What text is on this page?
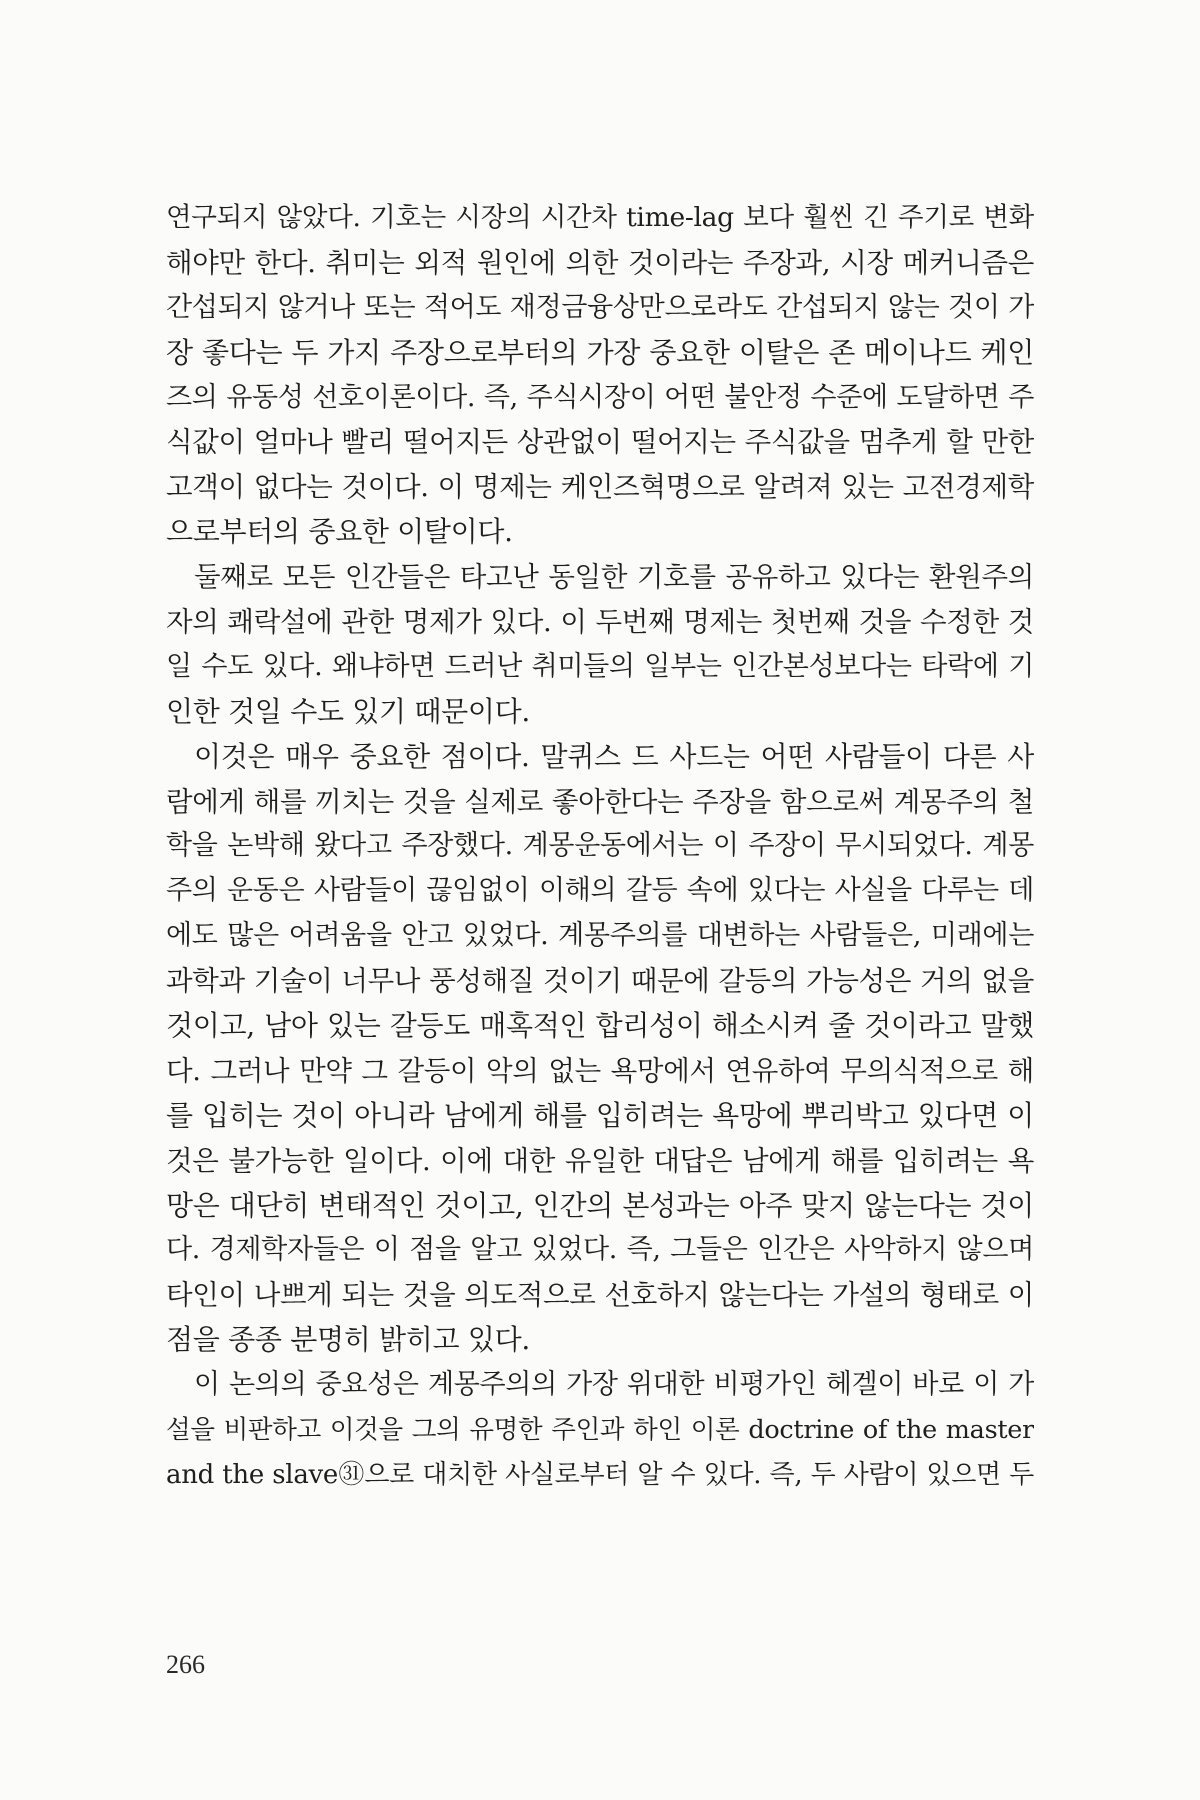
연구되지 않았다. 기호는 시장의 시간차 time-lag 보다 훨씬 긴 주기로 변화
해야만 한다. 취미는 외적 원인에 의한 것이라는 주장과, 시장 메커니즘은
간섭되지 않거나 또는 적어도 재정금융상만으로라도 간섭되지 않는 것이 가
장 좋다는 두 가지 주장으로부터의 가장 중요한 이탈은 존 메이나드 케인
즈의 유동성 선호이론이다. 즉, 주식시장이 어떤 불안정 수준에 도달하면 주
식값이 얼마나 빨리 떨어지든 상관없이 떨어지는 주식값을 멈추게 할 만한
고객이 없다는 것이다. 이 명제는 케인즈혁명으로 알려져 있는 고전경제학
으로부터의 중요한 이탈이다.
둘째로 모든 인간들은 타고난 동일한 기호를 공유하고 있다는 환원주의
자의 쾌락설에 관한 명제가 있다. 이 두번째 명제는 첫번째 것을 수정한 것
일 수도 있다. 왜냐하면 드러난 취미들의 일부는 인간본성보다는 타락에 기
인한 것일 수도 있기 때문이다.
이것은 매우 중요한 점이다. 말퀴스 드 사드는 어떤 사람들이 다른 사
람에게 해를 끼치는 것을 실제로 좋아한다는 주장을 함으로써 계몽주의 철
학을 논박해 왔다고 주장했다. 계몽운동에서는 이 주장이 무시되었다. 계몽
주의 운동은 사람들이 끊임없이 이해의 갈등 속에 있다는 사실을 다루는 데
에도 많은 어려움을 안고 있었다. 계몽주의를 대변하는 사람들은, 미래에는
과학과 기술이 너무나 풍성해질 것이기 때문에 갈등의 가능성은 거의 없을
것이고, 남아 있는 갈등도 매혹적인 합리성이 해소시켜 줄 것이라고 말했
다. 그러나 만약 그 갈등이 악의 없는 욕망에서 연유하여 무의식적으로 해
를 입히는 것이 아니라 남에게 해를 입히려는 욕망에 뿌리박고 있다면 이
것은 불가능한 일이다. 이에 대한 유일한 대답은 남에게 해를 입히려는 욕
망은 대단히 변태적인 것이고, 인간의 본성과는 아주 맞지 않는다는 것이
다. 경제학자들은 이 점을 알고 있었다. 즉, 그들은 인간은 사악하지 않으며
타인이 나쁘게 되는 것을 의도적으로 선호하지 않는다는 가설의 형태로 이
점을 종종 분명히 밝히고 있다.
이 논의의 중요성은 계몽주의의 가장 위대한 비평가인 헤겔이 바로 이 가
설을 비판하고 이것을 그의 유명한 주인과 하인 이론 doctrine of the master
and the slave㉛으로 대치한 사실로부터 알 수 있다. 즉, 두 사람이 있으면 두
266
